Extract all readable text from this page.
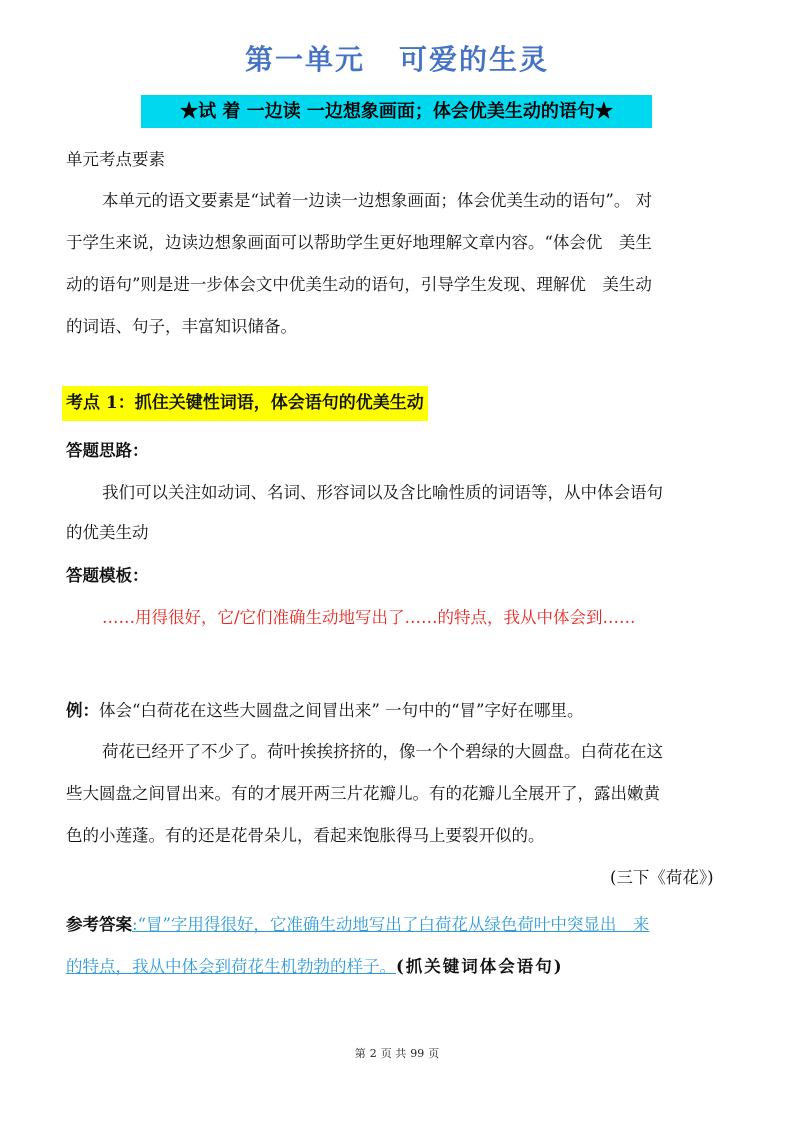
第一单元 可爱的生灵
★试 着 一边读 一边想象画面；体会优美生动的语句★
单元考点要素
本单元的语文要素是“试着一边读一边想象画面；体会优美生动的语句”。 对
于学生来说，边读边想象画面可以帮助学生更好地理解文章内容。“体会优　美生
动的语句”则是进一步体会文中优美生动的语句，引导学生发现、理解优　美生动
的词语、句子，丰富知识储备。
考点 1：抓住关键性词语，体会语句的优美生动
答题思路：
我们可以关注如动词、名词、形容词以及含比喻性质的词语等，从中体会语句
的优美生动
答题模板：
……用得很好，它/它们准确生动地写出了……的特点，我从中体会到……
例：体会“白荷花在这些大圆盘之间冒出来” 一句中的“冒”字好在哪里。
荷花已经开了不少了。荷叶挨挨挤挤的，像一个个碧绿的大圆盘。白荷花在这
些大圆盘之间冒出来。有的才展开两三片花瓣儿。有的花瓣儿全展开了，露出嫩黄
色的小莲蓬。有的还是花骨朵儿，看起来饱胀得马上要裂开似的。
(三下《荷花》)
参考答案:“冒”字用得很好，它准确生动地写出了白荷花从绿色荷叶中突显出　来
的特点，我从中体会到荷花生机勃勃的样子。(抓关键词体会语句)
第 2 页 共 99 页
